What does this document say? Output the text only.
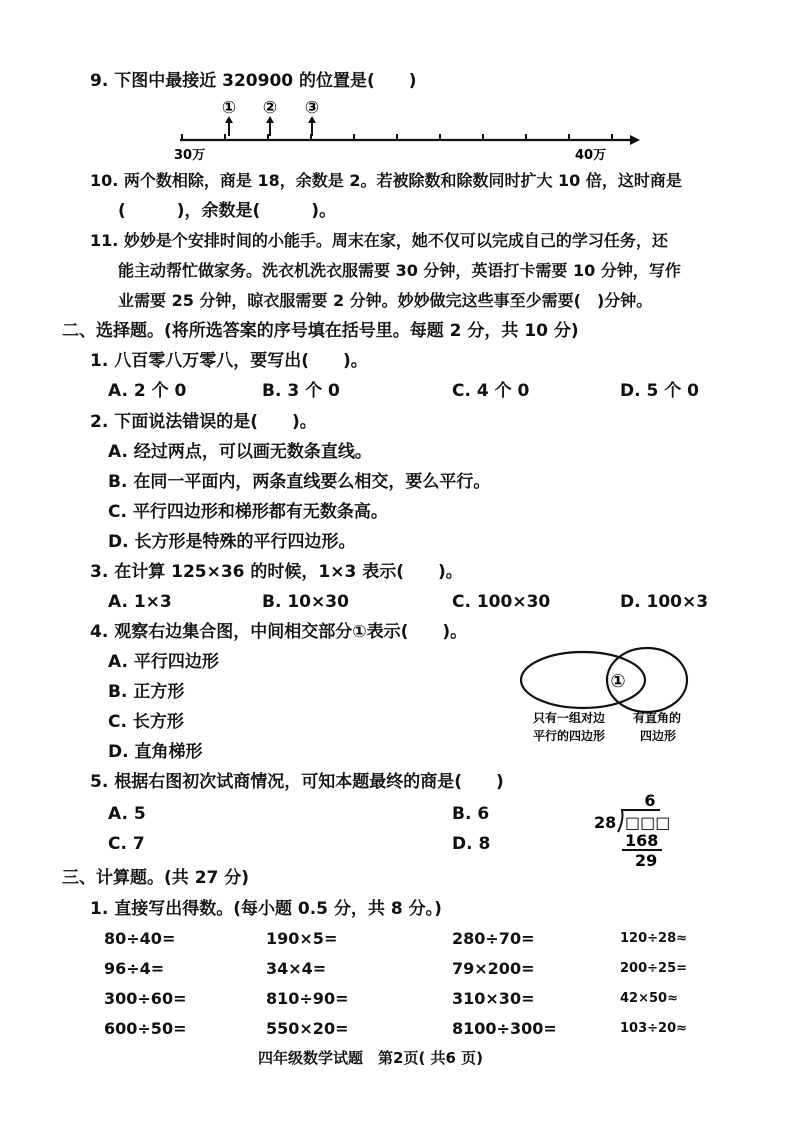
9. 下图中最接近 320900 的位置是(　　)
① ② ③
30万	40万
10. 两个数相除，商是 18，余数是 2。若被除数和除数同时扩大 10 倍，这时商是
(　　　)，余数是(　　　)。
11. 妙妙是个安排时间的小能手。周末在家，她不仅可以完成自己的学习任务，还
能主动帮忙做家务。洗衣机洗衣服需要 30 分钟，英语打卡需要 10 分钟，写作
业需要 25 分钟，晾衣服需要 2 分钟。妙妙做完这些事至少需要(　)分钟。
二、选择题。(将所选答案的序号填在括号里。每题 2 分，共 10 分)
1. 八百零八万零八，要写出(　　)。
A. 2 个 0	B. 3 个 0	C. 4 个 0	D. 5 个 0
2. 下面说法错误的是(　　)。
A. 经过两点，可以画无数条直线。
B. 在同一平面内，两条直线要么相交，要么平行。
C. 平行四边形和梯形都有无数条高。
D. 长方形是特殊的平行四边形。
3. 在计算 125×36 的时候，1×3 表示(　　)。
A. 1×3	B. 10×30	C. 100×30	D. 100×3
4. 观察右边集合图，中间相交部分①表示(　　)。
A. 平行四边形
B. 正方形
C. 长方形
D. 直角梯形
①
只有一组对边
平行的四边形
有直角的
四边形
5. 根据右图初次试商情况，可知本题最终的商是(　　)
A. 5	B. 6
C. 7	D. 8
6
28 □□□
168
29
三、计算题。(共 27 分)
1. 直接写出得数。(每小题 0.5 分，共 8 分。)
80÷40=	190×5=	280÷70=	120÷28≈
96÷4=	34×4=	79×200=	200÷25=
300÷60=	810÷90=	310×30=	42×50≈
600÷50=	550×20=	8100÷300=	103÷20≈
四年级数学试题　第2页( 共6 页)
